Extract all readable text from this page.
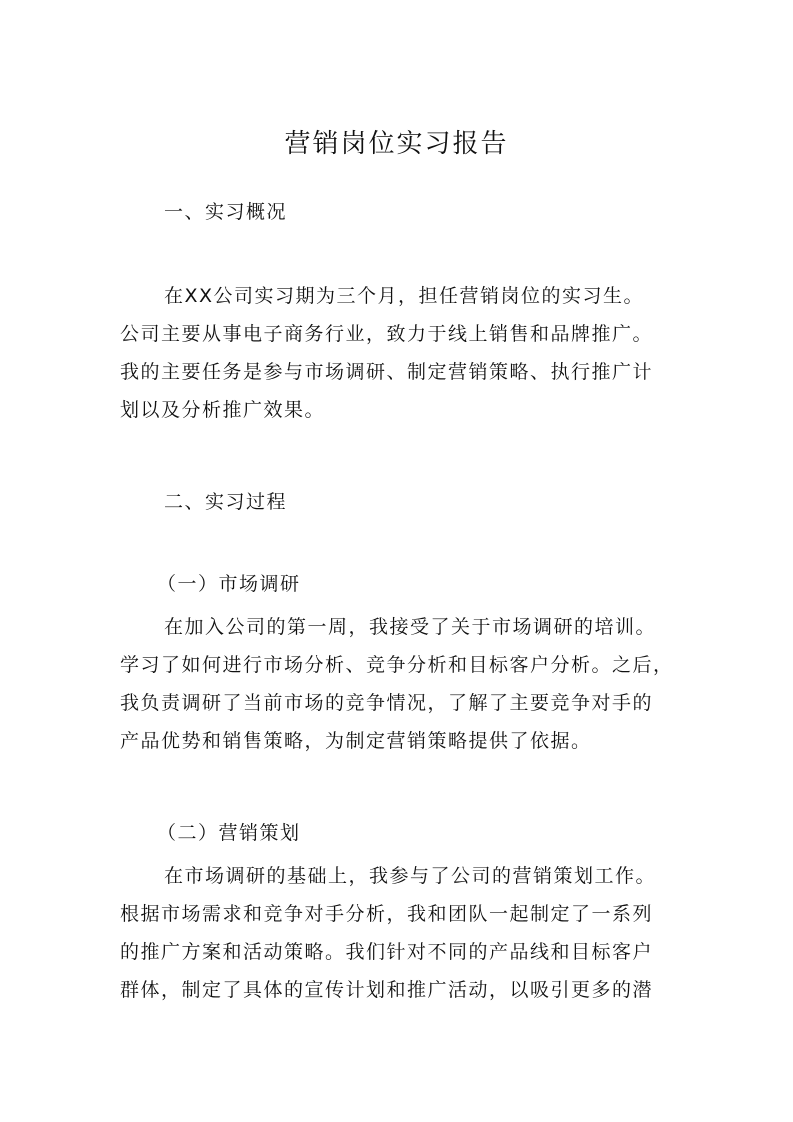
营销岗位实习报告
一、实习概况
在XX公司实习期为三个月，担任营销岗位的实习生。
公司主要从事电子商务行业，致力于线上销售和品牌推广。
我的主要任务是参与市场调研、制定营销策略、执行推广计
划以及分析推广效果。
二、实习过程
（一）市场调研
在加入公司的第一周，我接受了关于市场调研的培训。
学习了如何进行市场分析、竞争分析和目标客户分析。之后，
我负责调研了当前市场的竞争情况，了解了主要竞争对手的
产品优势和销售策略，为制定营销策略提供了依据。
（二）营销策划
在市场调研的基础上，我参与了公司的营销策划工作。
根据市场需求和竞争对手分析，我和团队一起制定了一系列
的推广方案和活动策略。我们针对不同的产品线和目标客户
群体，制定了具体的宣传计划和推广活动，以吸引更多的潜
